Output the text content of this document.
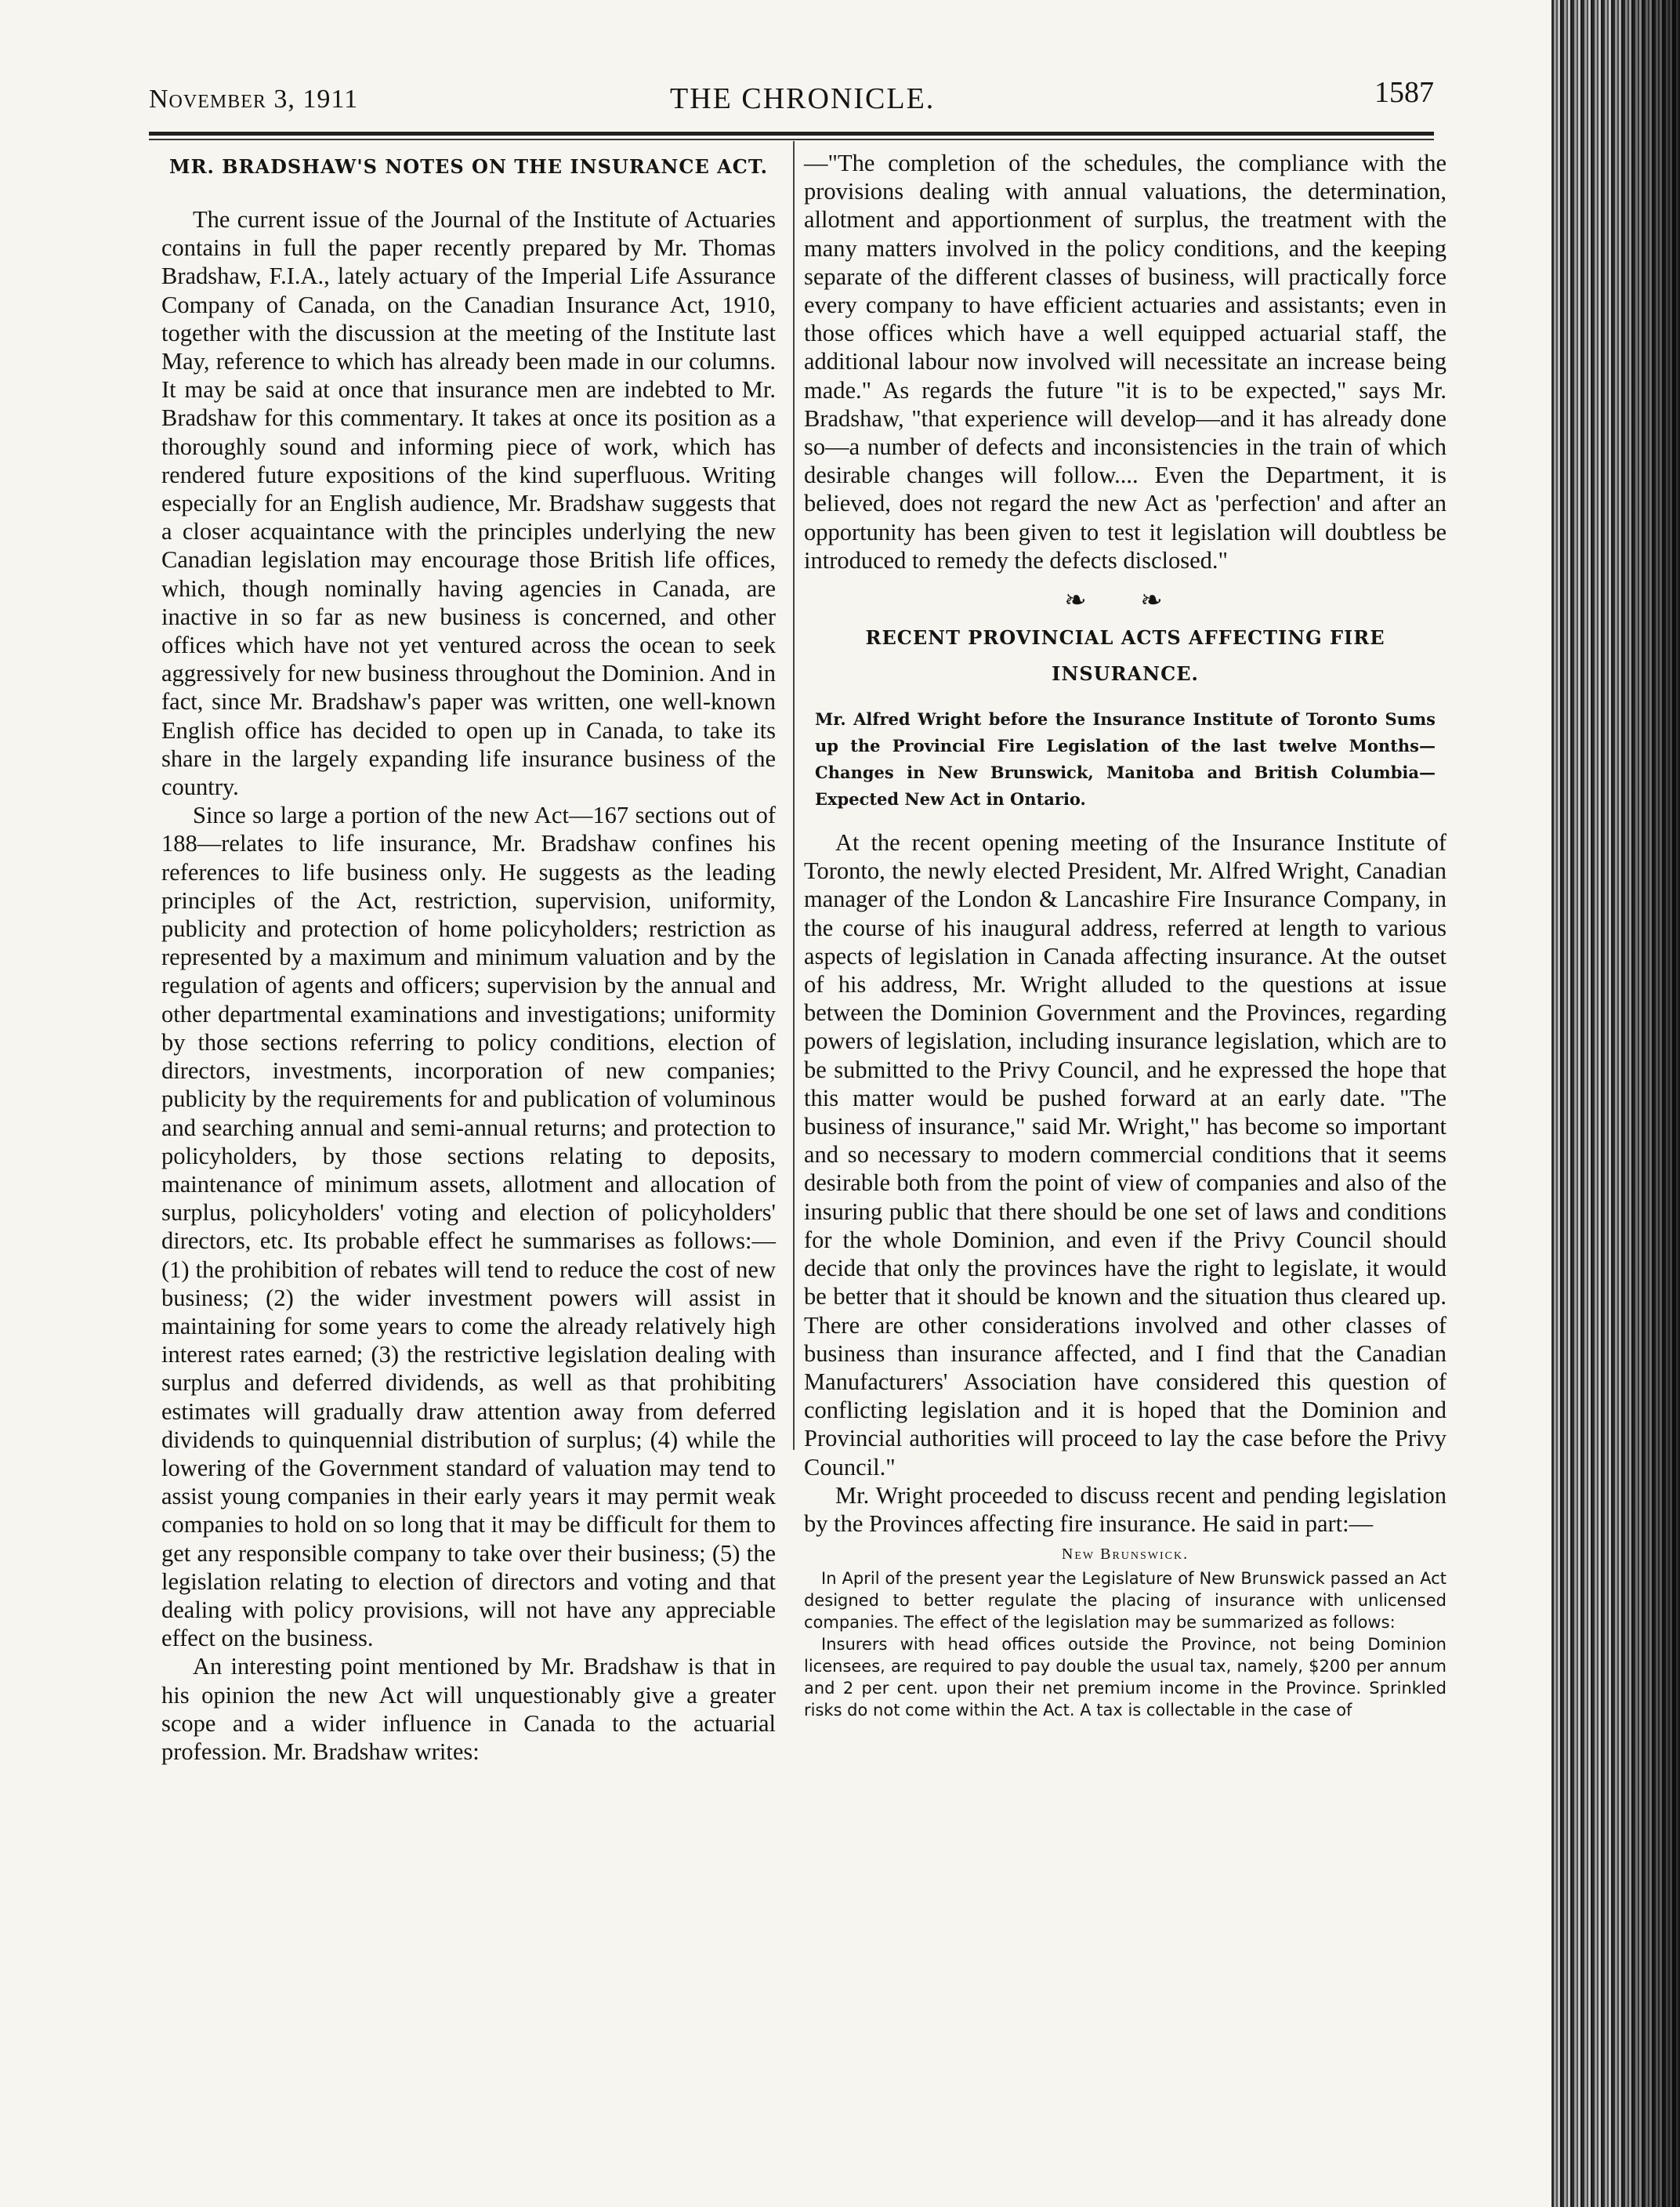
November 3, 1911	THE CHRONICLE.	1587

MR. BRADSHAW'S NOTES ON THE INSURANCE ACT.

The current issue of the Journal of the Institute of Actuaries contains in full the paper recently prepared by Mr. Thomas Bradshaw, F.I.A., lately actuary of the Imperial Life Assurance Company of Canada, on the Canadian Insurance Act, 1910, together with the discussion at the meeting of the Institute last May, reference to which has already been made in our columns. It may be said at once that insurance men are indebted to Mr. Bradshaw for this commentary. It takes at once its position as a thoroughly sound and informing piece of work, which has rendered future expositions of the kind superfluous. Writing especially for an English audience, Mr. Bradshaw suggests that a closer acquaintance with the principles underlying the new Canadian legislation may encourage those British life offices, which, though nominally having agencies in Canada, are inactive in so far as new business is concerned, and other offices which have not yet ventured across the ocean to seek aggressively for new business throughout the Dominion. And in fact, since Mr. Bradshaw's paper was written, one well-known English office has decided to open up in Canada, to take its share in the largely expanding life insurance business of the country.

Since so large a portion of the new Act—167 sections out of 188—relates to life insurance, Mr. Bradshaw confines his references to life business only. He suggests as the leading principles of the Act, restriction, supervision, uniformity, publicity and protection of home policyholders; restriction as represented by a maximum and minimum valuation and by the regulation of agents and officers; supervision by the annual and other departmental examinations and investigations; uniformity by those sections referring to policy conditions, election of directors, investments, incorporation of new companies; publicity by the requirements for and publication of voluminous and searching annual and semi-annual returns; and protection to policyholders, by those sections relating to deposits, maintenance of minimum assets, allotment and allocation of surplus, policyholders' voting and election of policyholders' directors, etc. Its probable effect he summarises as follows:—(1) the prohibition of rebates will tend to reduce the cost of new business; (2) the wider investment powers will assist in maintaining for some years to come the already relatively high interest rates earned; (3) the restrictive legislation dealing with surplus and deferred dividends, as well as that prohibiting estimates will gradually draw attention away from deferred dividends to quinquennial distribution of surplus; (4) while the lowering of the Government standard of valuation may tend to assist young companies in their early years it may permit weak companies to hold on so long that it may be difficult for them to get any responsible company to take over their business; (5) the legislation relating to election of directors and voting and that dealing with policy provisions, will not have any appreciable effect on the business.

An interesting point mentioned by Mr. Bradshaw is that in his opinion the new Act will unquestionably give a greater scope and a wider influence in Canada to the actuarial profession. Mr. Bradshaw writes:

—"The completion of the schedules, the compliance with the provisions dealing with annual valuations, the determination, allotment and apportionment of surplus, the treatment with the many matters involved in the policy conditions, and the keeping separate of the different classes of business, will practically force every company to have efficient actuaries and assistants; even in those offices which have a well equipped actuarial staff, the additional labour now involved will necessitate an increase being made." As regards the future "it is to be expected," says Mr. Bradshaw, "that experience will develop—and it has already done so—a number of defects and inconsistencies in the train of which desirable changes will follow.... Even the Department, it is believed, does not regard the new Act as 'perfection' and after an opportunity has been given to test it legislation will doubtless be introduced to remedy the defects disclosed."

❧ ❧

RECENT PROVINCIAL ACTS AFFECTING FIRE INSURANCE.

Mr. Alfred Wright before the Insurance Institute of Toronto Sums up the Provincial Fire Legislation of the last twelve Months—Changes in New Brunswick, Manitoba and British Columbia—Expected New Act in Ontario.

At the recent opening meeting of the Insurance Institute of Toronto, the newly elected President, Mr. Alfred Wright, Canadian manager of the London & Lancashire Fire Insurance Company, in the course of his inaugural address, referred at length to various aspects of legislation in Canada affecting insurance. At the outset of his address, Mr. Wright alluded to the questions at issue between the Dominion Government and the Provinces, regarding powers of legislation, including insurance legislation, which are to be submitted to the Privy Council, and he expressed the hope that this matter would be pushed forward at an early date. "The business of insurance," said Mr. Wright," has become so important and so necessary to modern commercial conditions that it seems desirable both from the point of view of companies and also of the insuring public that there should be one set of laws and conditions for the whole Dominion, and even if the Privy Council should decide that only the provinces have the right to legislate, it would be better that it should be known and the situation thus cleared up. There are other considerations involved and other classes of business than insurance affected, and I find that the Canadian Manufacturers' Association have considered this question of conflicting legislation and it is hoped that the Dominion and Provincial authorities will proceed to lay the case before the Privy Council."

Mr. Wright proceeded to discuss recent and pending legislation by the Provinces affecting fire insurance. He said in part:—

New Brunswick.

In April of the present year the Legislature of New Brunswick passed an Act designed to better regulate the placing of insurance with unlicensed companies. The effect of the legislation may be summarized as follows:

Insurers with head offices outside the Province, not being Dominion licensees, are required to pay double the usual tax, namely, $200 per annum and 2 per cent. upon their net premium income in the Province. Sprinkled risks do not come within the Act. A tax is collectable in the case of
